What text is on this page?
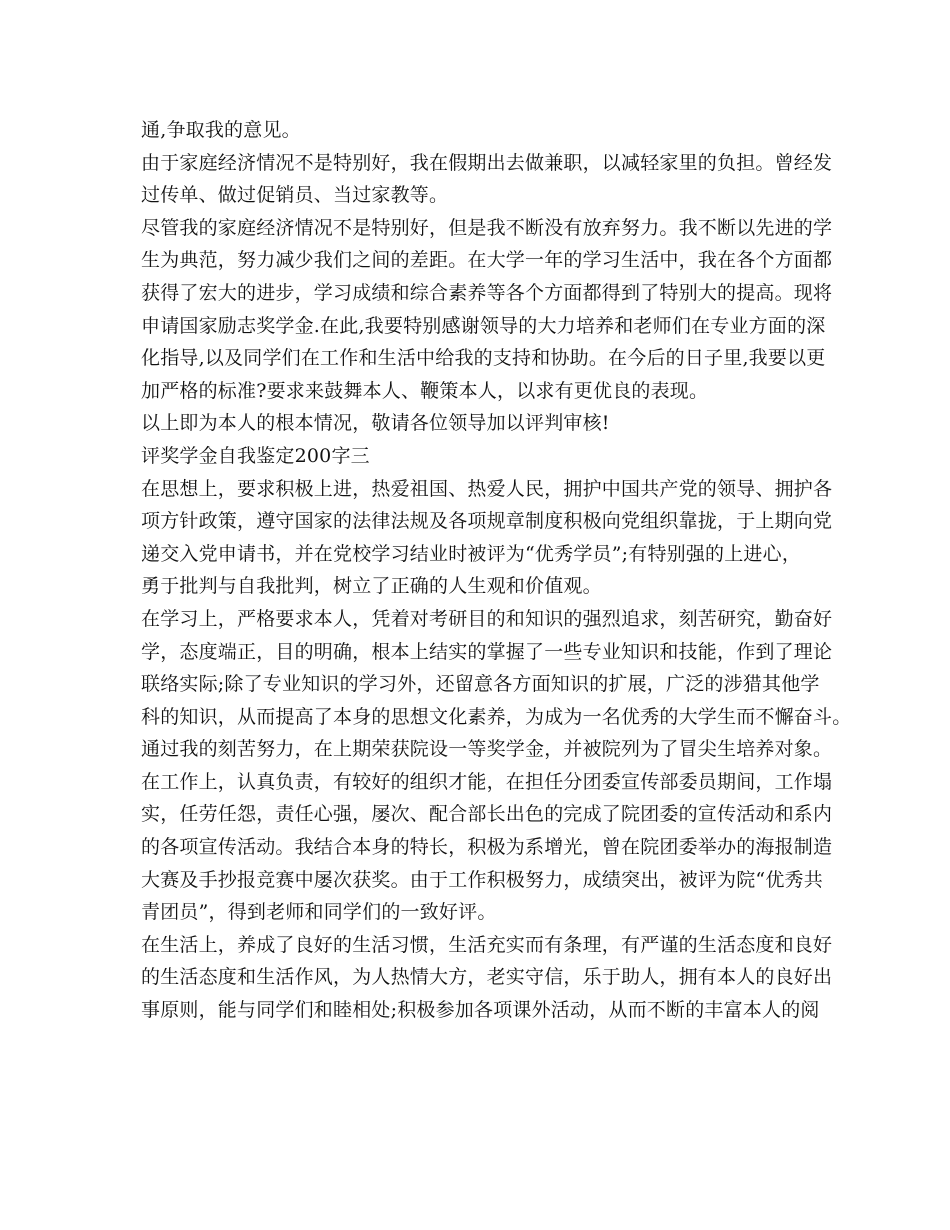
通,争取我的意见。
由于家庭经济情况不是特别好，我在假期出去做兼职，以减轻家里的负担。曾经发
过传单、做过促销员、当过家教等。
尽管我的家庭经济情况不是特别好，但是我不断没有放弃努力。我不断以先进的学
生为典范，努力减少我们之间的差距。在大学一年的学习生活中，我在各个方面都
获得了宏大的进步，学习成绩和综合素养等各个方面都得到了特别大的提高。现将
申请国家励志奖学金.在此,我要特别感谢领导的大力培养和老师们在专业方面的深
化指导,以及同学们在工作和生活中给我的支持和协助。在今后的日子里,我要以更
加严格的标准?要求来鼓舞本人、鞭策本人，以求有更优良的表现。
以上即为本人的根本情况，敬请各位领导加以评判审核!
评奖学金自我鉴定200字三
在思想上，要求积极上进，热爱祖国、热爱人民，拥护中国共产党的领导、拥护各
项方针政策，遵守国家的法律法规及各项规章制度积极向党组织靠拢，于上期向党
递交入党申请书，并在党校学习结业时被评为“优秀学员”;有特别强的上进心，
勇于批判与自我批判，树立了正确的人生观和价值观。
在学习上，严格要求本人，凭着对考研目的和知识的强烈追求，刻苦研究，勤奋好
学，态度端正，目的明确，根本上结实的掌握了一些专业知识和技能，作到了理论
联络实际;除了专业知识的学习外，还留意各方面知识的扩展，广泛的涉猎其他学
科的知识，从而提高了本身的思想文化素养，为成为一名优秀的大学生而不懈奋斗。
通过我的刻苦努力，在上期荣获院设一等奖学金，并被院列为了冒尖生培养对象。
在工作上，认真负责，有较好的组织才能，在担任分团委宣传部委员期间，工作塌
实，任劳任怨，责任心强，屡次、配合部长出色的完成了院团委的宣传活动和系内
的各项宣传活动。我结合本身的特长，积极为系增光，曾在院团委举办的海报制造
大赛及手抄报竞赛中屡次获奖。由于工作积极努力，成绩突出，被评为院“优秀共
青团员”，得到老师和同学们的一致好评。
在生活上，养成了良好的生活习惯，生活充实而有条理，有严谨的生活态度和良好
的生活态度和生活作风，为人热情大方，老实守信，乐于助人，拥有本人的良好出
事原则，能与同学们和睦相处;积极参加各项课外活动，从而不断的丰富本人的阅
